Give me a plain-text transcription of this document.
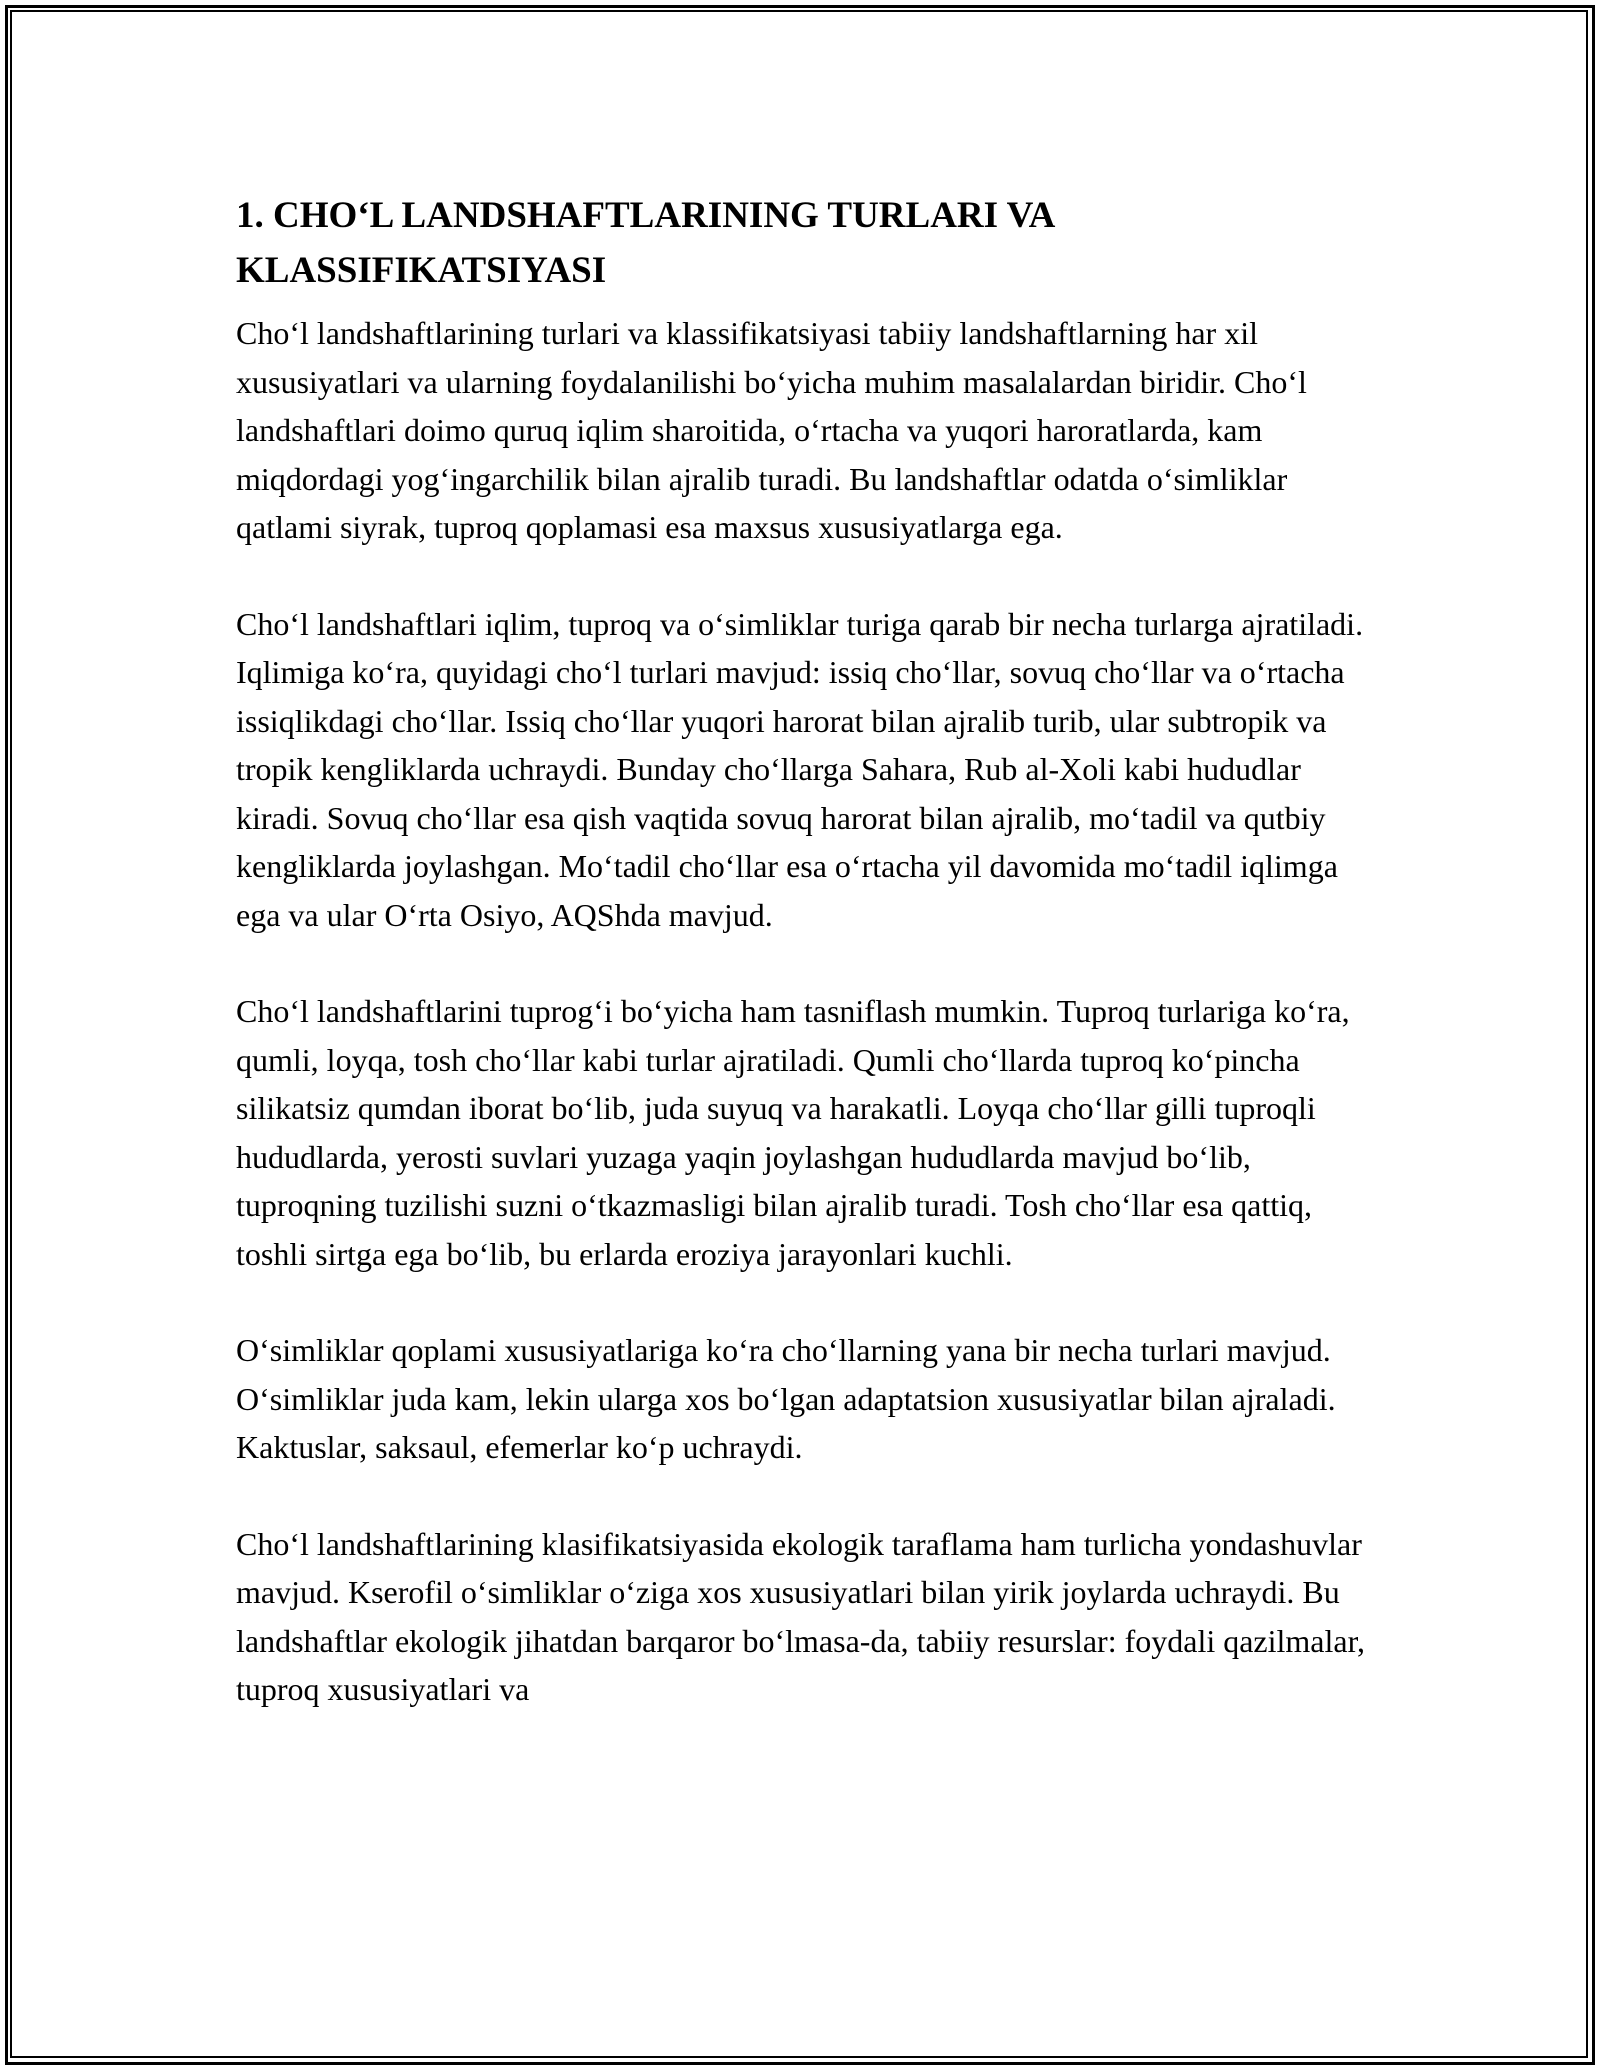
1. CHO‘L LANDSHAFTLARINING TURLARI VA
KLASSIFIKATSIYASI

Cho‘l landshaftlarining turlari va klassifikatsiyasi tabiiy landshaftlarning har xil xususiyatlari va ularning foydalanilishi bo‘yicha muhim masalalardan biridir. Cho‘l landshaftlari doimo quruq iqlim sharoitida, o‘rtacha va yuqori haroratlarda, kam miqdordagi yog‘ingarchilik bilan ajralib turadi. Bu landshaftlar odatda o‘simliklar qatlami siyrak, tuproq qoplamasi esa maxsus xususiyatlarga ega.

Cho‘l landshaftlari iqlim, tuproq va o‘simliklar turiga qarab bir necha turlarga ajratiladi. Iqlimiga ko‘ra, quyidagi cho‘l turlari mavjud: issiq cho‘llar, sovuq cho‘llar va o‘rtacha issiqlikdagi cho‘llar. Issiq cho‘llar yuqori harorat bilan ajralib turib, ular subtropik va tropik kengliklarda uchraydi. Bunday cho‘llarga Sahara, Rub al-Xoli kabi hududlar kiradi. Sovuq cho‘llar esa qish vaqtida sovuq harorat bilan ajralib, mo‘tadil va qutbiy kengliklarda joylashgan. Mo‘tadil cho‘llar esa o‘rtacha yil davomida mo‘tadil iqlimga ega va ular O‘rta Osiyo, AQShda mavjud.

Cho‘l landshaftlarini tuprog‘i bo‘yicha ham tasniflash mumkin. Tuproq turlariga ko‘ra, qumli, loyqa, tosh cho‘llar kabi turlar ajratiladi. Qumli cho‘llarda tuproq ko‘pincha silikatsiz qumdan iborat bo‘lib, juda suyuq va harakatli. Loyqa cho‘llar gilli tuproqli hududlarda, yerosti suvlari yuzaga yaqin joylashgan hududlarda mavjud bo‘lib, tuproqning tuzilishi suzni o‘tkazmasligi bilan ajralib turadi. Tosh cho‘llar esa qattiq, toshli sirtga ega bo‘lib, bu erlarda eroziya jarayonlari kuchli.

O‘simliklar qoplami xususiyatlariga ko‘ra cho‘llarning yana bir necha turlari mavjud. O‘simliklar juda kam, lekin ularga xos bo‘lgan adaptatsion xususiyatlar bilan ajraladi. Kaktuslar, saksaul, efemerlar ko‘p uchraydi.

Cho‘l landshaftlarining klasifikatsiyasida ekologik taraflama ham turlicha yondashuvlar mavjud. Kserofil o‘simliklar o‘ziga xos xususiyatlari bilan yirik joylarda uchraydi. Bu landshaftlar ekologik jihatdan barqaror bo‘lmasa-da, tabiiy resurslar: foydali qazilmalar, tuproq xususiyatlari va
